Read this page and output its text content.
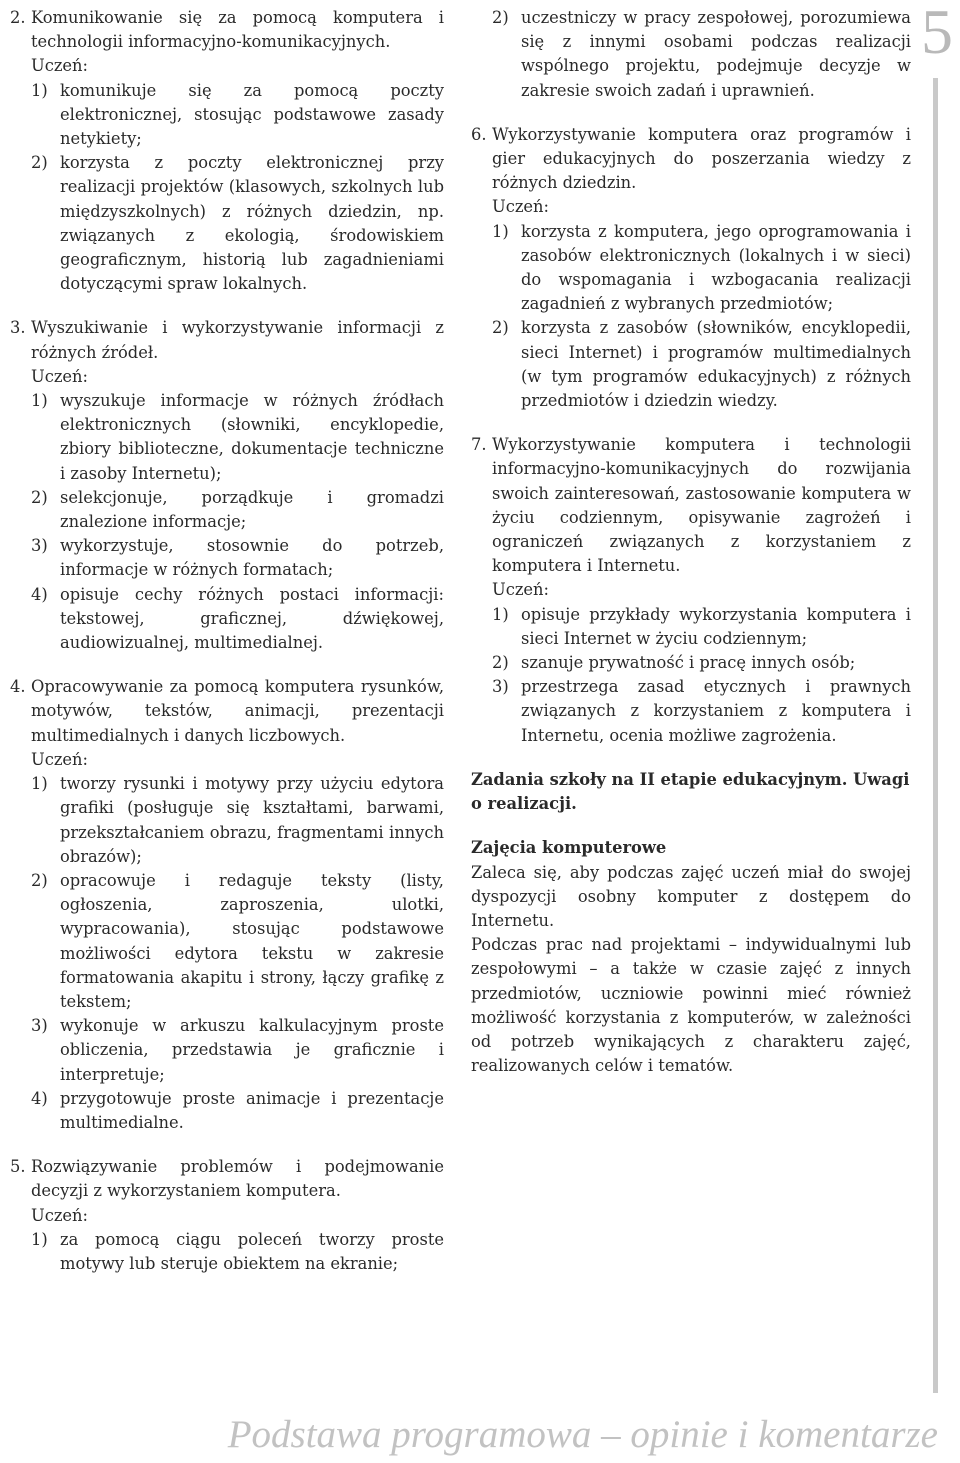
2. Komunikowanie się za pomocą komputera i technologii informacyjno-komunikacyjnych.
Uczeń:
1) komunikuje się za pomocą poczty elektronicznej, stosując podstawowe zasady netykiety;
2) korzysta z poczty elektronicznej przy realizacji projektów (klasowych, szkolnych lub międzyszkolnych) z różnych dziedzin, np. związanych z ekologią, środowiskiem geograficznym, historią lub zagadnieniami dotyczącymi spraw lokalnych.
3. Wyszukiwanie i wykorzystywanie informacji z różnych źródeł.
Uczeń:
1) wyszukuje informacje w różnych źródłach elektronicznych (słowniki, encyklopedie, zbiory biblioteczne, dokumentacje techniczne i zasoby Internetu);
2) selekcjonuje, porządkuje i gromadzi znalezione informacje;
3) wykorzystuje, stosownie do potrzeb, informacje w różnych formatach;
4) opisuje cechy różnych postaci informacji: tekstowej, graficznej, dźwiękowej, audiowizualnej, multimedialnej.
4. Opracowywanie za pomocą komputera rysunków, motywów, tekstów, animacji, prezentacji multimedialnych i danych liczbowych.
Uczeń:
1) tworzy rysunki i motywy przy użyciu edytora grafiki (posługuje się kształtami, barwami, przekształcaniem obrazu, fragmentami innych obrazów);
2) opracowuje i redaguje teksty (listy, ogłoszenia, zaproszenia, ulotki, wypracowania), stosując podstawowe możliwości edytora tekstu w zakresie formatowania akapitu i strony, łączy grafikę z tekstem;
3) wykonuje w arkuszu kalkulacyjnym proste obliczenia, przedstawia je graficznie i interpretuje;
4) przygotowuje proste animacje i prezentacje multimedialne.
5. Rozwiązywanie problemów i podejmowanie decyzji z wykorzystaniem komputera.
Uczeń:
1) za pomocą ciągu poleceń tworzy proste motywy lub steruje obiektem na ekranie;
2) uczestniczy w pracy zespołowej, porozumiewa się z innymi osobami podczas realizacji wspólnego projektu, podejmuje decyzje w zakresie swoich zadań i uprawnień.
6. Wykorzystywanie komputera oraz programów i gier edukacyjnych do poszerzania wiedzy z różnych dziedzin.
Uczeń:
1) korzysta z komputera, jego oprogramowania i zasobów elektronicznych (lokalnych i w sieci) do wspomagania i wzbogacania realizacji zagadnień z wybranych przedmiotów;
2) korzysta z zasobów (słowników, encyklopedii, sieci Internet) i programów multimedialnych (w tym programów edukacyjnych) z różnych przedmiotów i dziedzin wiedzy.
7. Wykorzystywanie komputera i technologii informacyjno-komunikacyjnych do rozwijania swoich zainteresowań, zastosowanie komputera w życiu codziennym, opisywanie zagrożeń i ograniczeń związanych z korzystaniem z komputera i Internetu.
Uczeń:
1) opisuje przykłady wykorzystania komputera i sieci Internet w życiu codziennym;
2) szanuje prywatność i pracę innych osób;
3) przestrzega zasad etycznych i prawnych związanych z korzystaniem z komputera i Internetu, ocenia możliwe zagrożenia.
Zadania szkoły na II etapie edukacyjnym. Uwagi o realizacji.
Zajęcia komputerowe

Zaleca się, aby podczas zajęć uczeń miał do swojej dyspozycji osobny komputer z dostępem do Internetu.

Podczas prac nad projektami – indywidualnymi lub zespołowymi – a także w czasie zajęć z innych przedmiotów, uczniowie powinni mieć również możliwość korzystania z komputerów, w zależności od potrzeb wynikających z charakteru zajęć, realizowanych celów i tematów.

5
Podstawa programowa – opinie i komentarze
